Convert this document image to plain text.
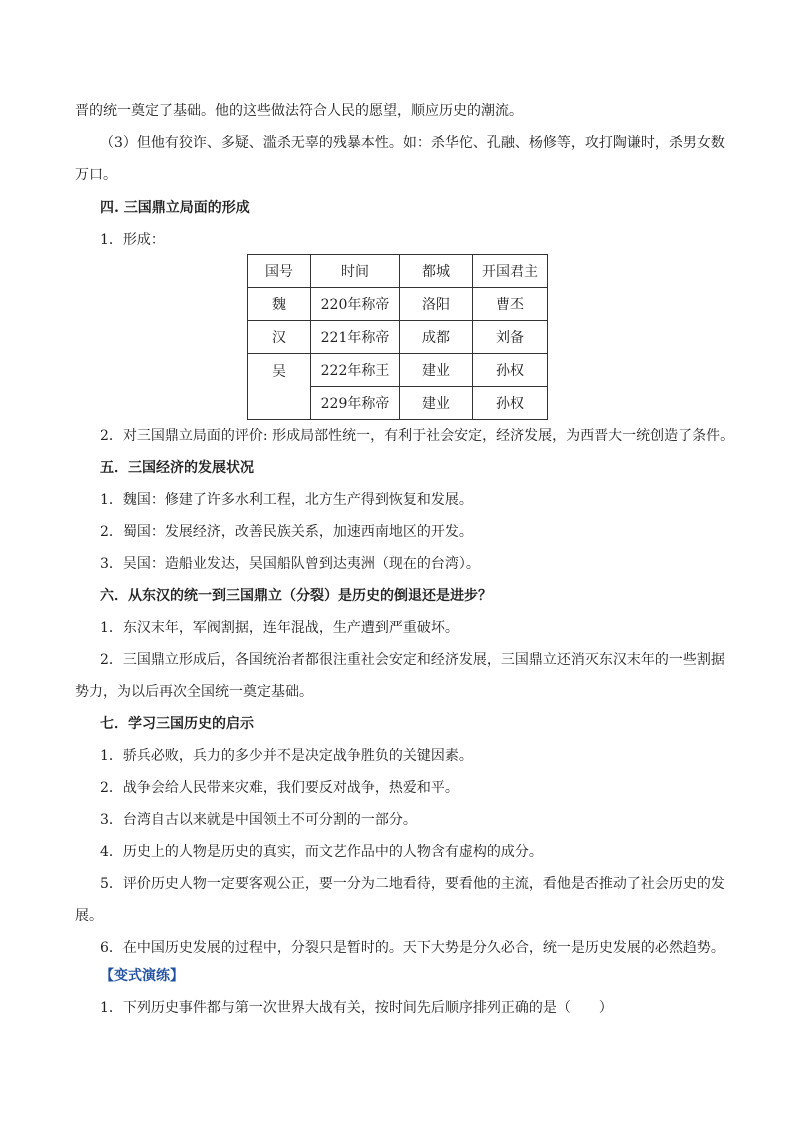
晋的统一奠定了基础。他的这些做法符合人民的愿望，顺应历史的潮流。
（3）但他有狡诈、多疑、滥杀无辜的残暴本性。如：杀华佗、孔融、杨修等，攻打陶谦时，杀男女数
万口。
四. 三国鼎立局面的形成
1．形成：
国号	时间	都城	开国君主
魏	220年称帝	洛阳	曹丕
汉	221年称帝	成都	刘备
吴	222年称王	建业	孙权
	229年称帝	建业	孙权
2．对三国鼎立局面的评价: 形成局部性统一，有利于社会安定，经济发展，为西晋大一统创造了条件。
五．三国经济的发展状况
1．魏国：修建了许多水利工程，北方生产得到恢复和发展。
2．蜀国：发展经济，改善民族关系，加速西南地区的开发。
3．吴国：造船业发达，吴国船队曾到达夷洲（现在的台湾）。
六．从东汉的统一到三国鼎立（分裂）是历史的倒退还是进步？
1．东汉末年，军阀割据，连年混战，生产遭到严重破坏。
2．三国鼎立形成后，各国统治者都很注重社会安定和经济发展，三国鼎立还消灭东汉末年的一些割据
势力，为以后再次全国统一奠定基础。
七．学习三国历史的启示
1．骄兵必败，兵力的多少并不是决定战争胜负的关键因素。
2．战争会给人民带来灾难，我们要反对战争，热爱和平。
3．台湾自古以来就是中国领土不可分割的一部分。
4．历史上的人物是历史的真实，而文艺作品中的人物含有虚构的成分。
5．评价历史人物一定要客观公正，要一分为二地看待，要看他的主流，看他是否推动了社会历史的发
展。
6．在中国历史发展的过程中，分裂只是暂时的。天下大势是分久必合，统一是历史发展的必然趋势。
【变式演练】
1．下列历史事件都与第一次世界大战有关，按时间先后顺序排列正确的是（　　）
